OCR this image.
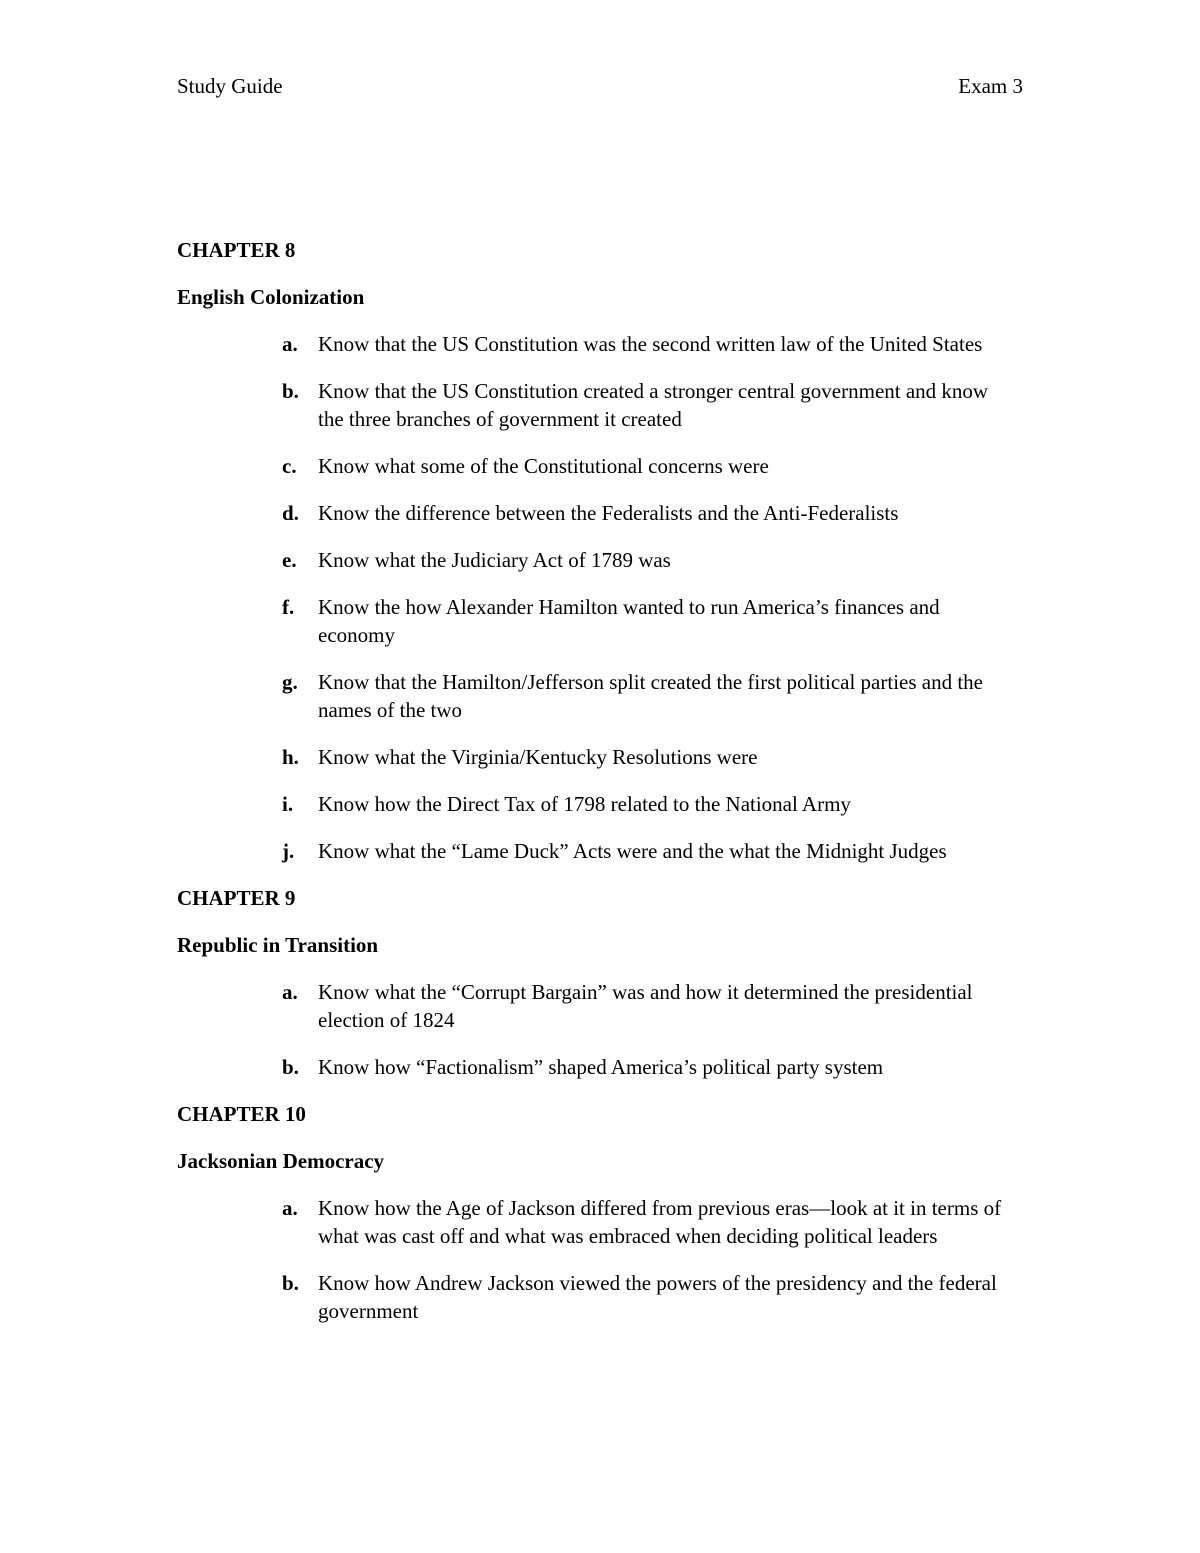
Study Guide	Exam 3
CHAPTER 8
English Colonization
a. Know that the US Constitution was the second written law of the United States
b. Know that the US Constitution created a stronger central government and know the three branches of government it created
c. Know what some of the Constitutional concerns were
d. Know the difference between the Federalists and the Anti-Federalists
e. Know what the Judiciary Act of 1789 was
f. Know the how Alexander Hamilton wanted to run America’s finances and economy
g. Know that the Hamilton/Jefferson split created the first political parties and the names of the two
h. Know what the Virginia/Kentucky Resolutions were
i. Know how the Direct Tax of 1798 related to the National Army
j. Know what the “Lame Duck” Acts were and the what the Midnight Judges
CHAPTER 9
Republic in Transition
a. Know what the “Corrupt Bargain” was and how it determined the presidential election of 1824
b. Know how “Factionalism” shaped America’s political party system
CHAPTER 10
Jacksonian Democracy
a. Know how the Age of Jackson differed from previous eras—look at it in terms of what was cast off and what was embraced when deciding political leaders
b. Know how Andrew Jackson viewed the powers of the presidency and the federal government
